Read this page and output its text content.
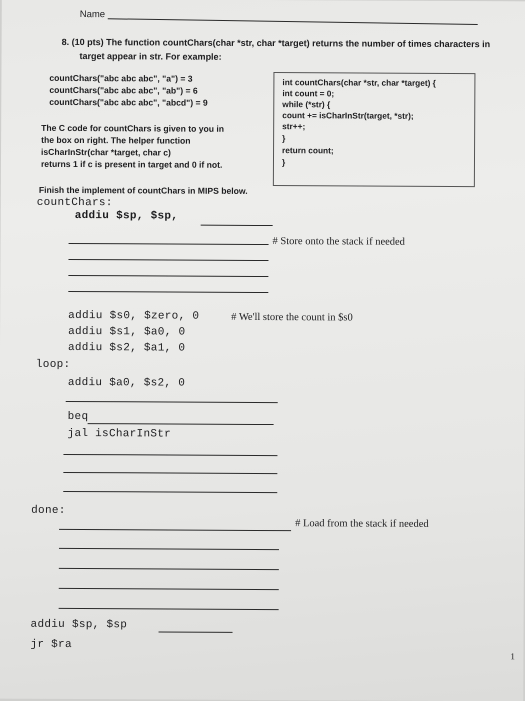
Name
8. (10 pts) The function countChars(char *str, char *target) returns the number of times characters in
target appear in str. For example:
countChars("abc abc abc", "a") = 3
countChars("abc abc abc", "ab") = 6
countChars("abc abc abc", "abcd") = 9
int countChars(char *str, char *target) {
int count = 0;
while (*str) {
count += isCharInStr(target, *str);
str++;
}
return count;
}
The C code for countChars is given to you in
the box on right. The helper function
isCharInStr(char *target, char c)
returns 1 if c is present in target and 0 if not.
Finish the implement of countChars in MIPS below.
countChars:
addiu $sp, $sp,
# Store onto the stack if needed
addiu $s0, $zero, 0	# We'll store the count in $s0
addiu $s1, $a0, 0
addiu $s2, $a1, 0
loop:
addiu $a0, $s2, 0
beq
jal isCharInStr
done:
# Load from the stack if needed
addiu $sp, $sp
jr $ra
1
